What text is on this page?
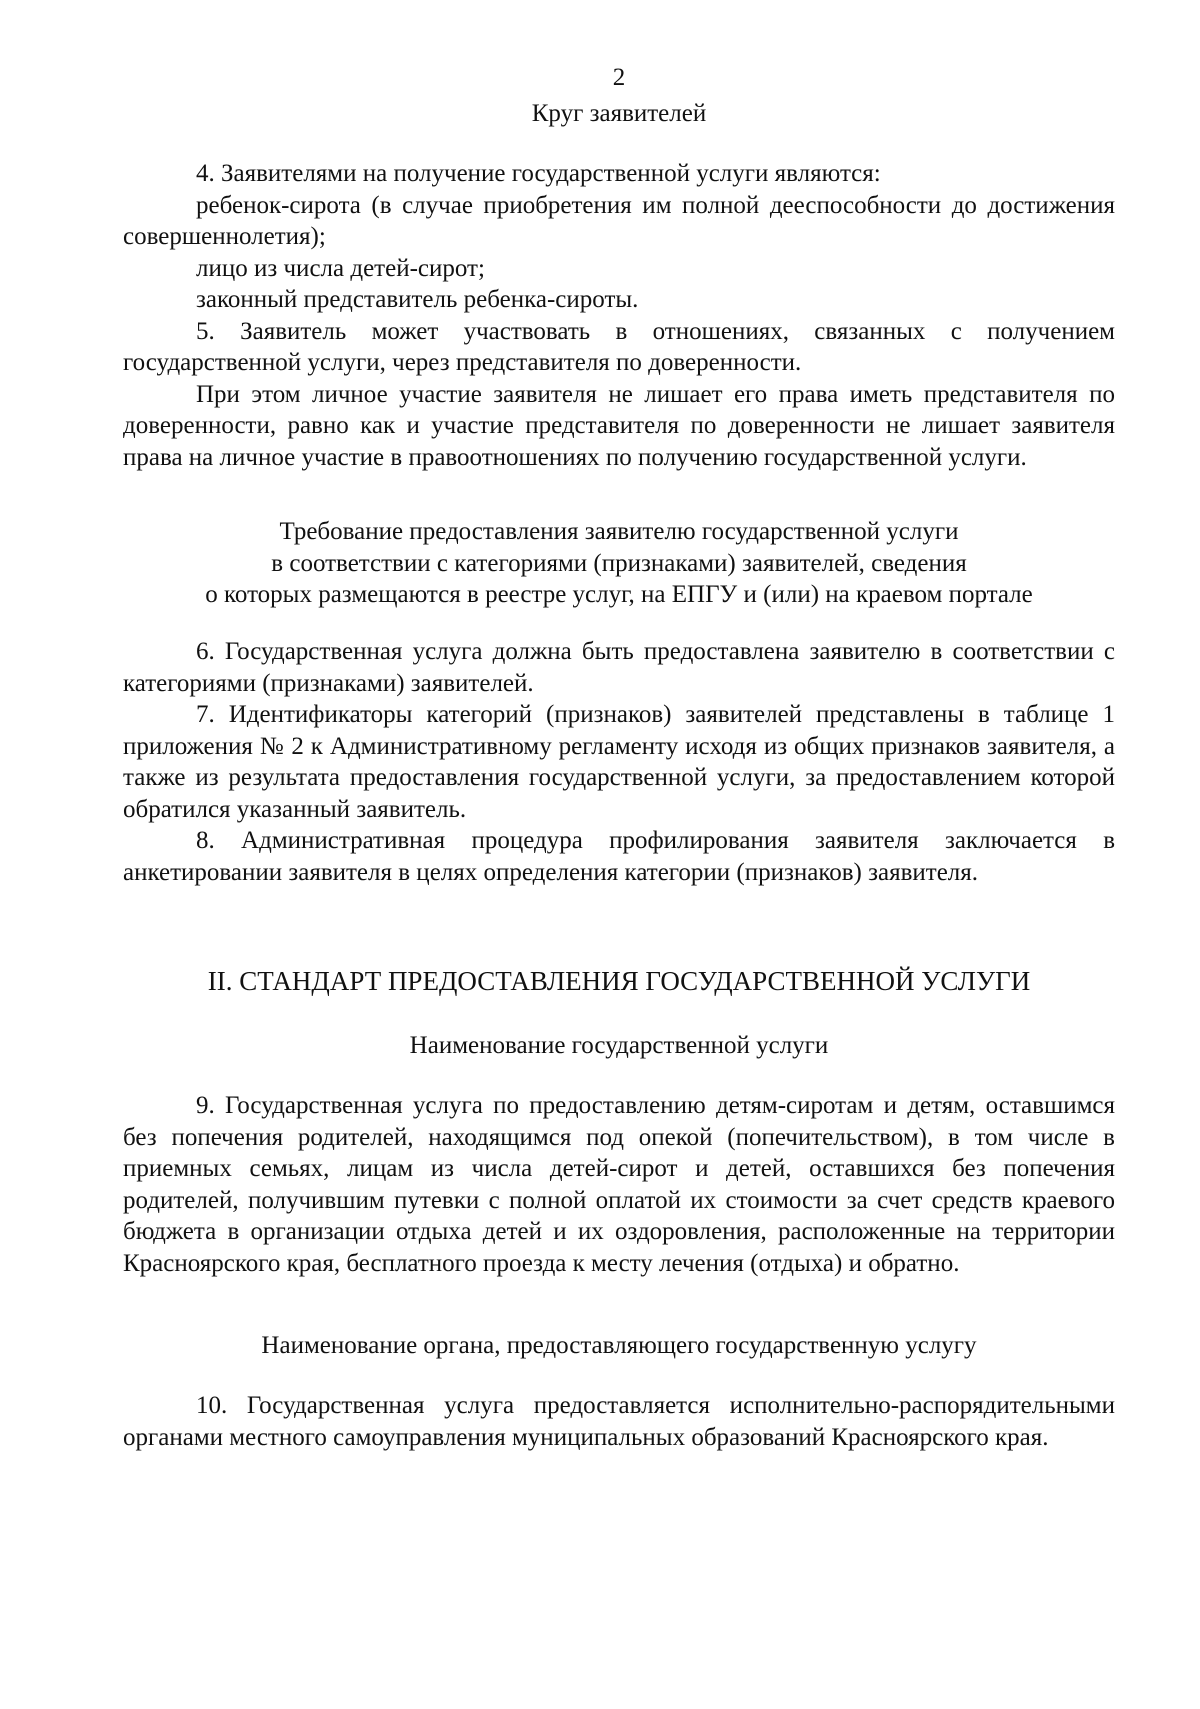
2
Круг заявителей

4. Заявителями на получение государственной услуги являются:

ребенок-сирота (в случае приобретения им полной дееспособности до достижения совершеннолетия);

лицо из числа детей-сирот;

законный представитель ребенка-сироты.

5. Заявитель может участвовать в отношениях, связанных с получением государственной услуги, через представителя по доверенности.

При этом личное участие заявителя не лишает его права иметь представителя по доверенности, равно как и участие представителя по доверенности не лишает заявителя права на личное участие в правоотношениях по получению государственной услуги.

Требование предоставления заявителю государственной услуги
в соответствии с категориями (признаками) заявителей, сведения
о которых размещаются в реестре услуг, на ЕПГУ и (или) на краевом портале

6. Государственная услуга должна быть предоставлена заявителю в соответствии с категориями (признаками) заявителей.

7. Идентификаторы категорий (признаков) заявителей представлены в таблице 1 приложения № 2 к Административному регламенту исходя из общих признаков заявителя, а также из результата предоставления государственной услуги, за предоставлением которой обратился указанный заявитель.

8. Административная процедура профилирования заявителя заключается в анкетировании заявителя в целях определения категории (признаков) заявителя.

II. СТАНДАРТ ПРЕДОСТАВЛЕНИЯ ГОСУДАРСТВЕННОЙ УСЛУГИ
Наименование государственной услуги

9. Государственная услуга по предоставлению детям-сиротам и детям, оставшимся без попечения родителей, находящимся под опекой (попечительством), в том числе в приемных семьях, лицам из числа детей-сирот и детей, оставшихся без попечения родителей, получившим путевки с полной оплатой их стоимости за счет средств краевого бюджета в организации отдыха детей и их оздоровления, расположенные на территории Красноярского края, бесплатного проезда к месту лечения (отдыха) и обратно.

Наименование органа, предоставляющего государственную услугу

10. Государственная услуга предоставляется исполнительно-распорядительными органами местного самоуправления муниципальных образований Красноярского края.
